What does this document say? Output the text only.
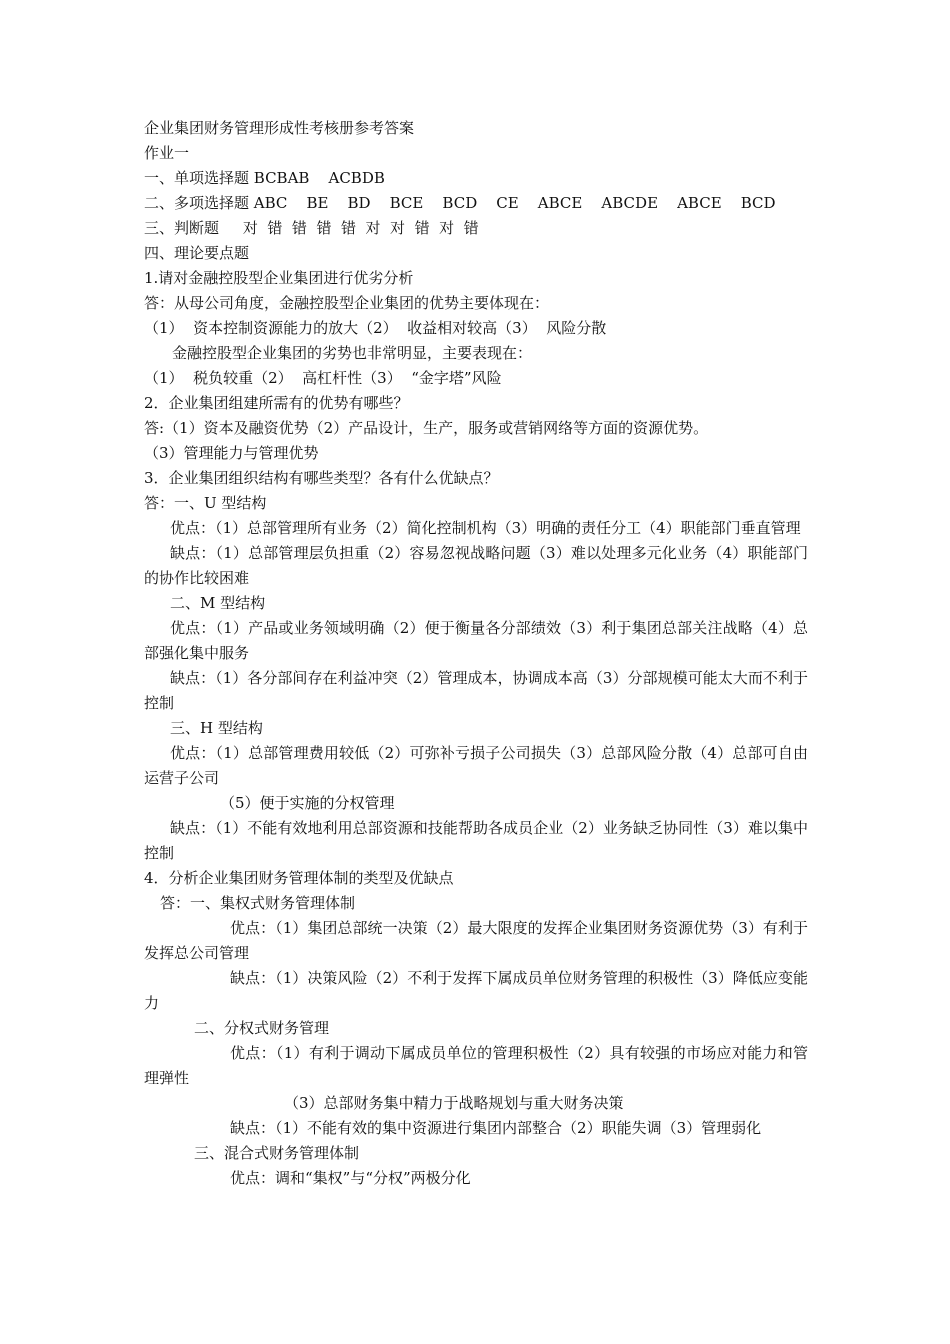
企业集团财务管理形成性考核册参考答案

作业一

一、单项选择题 BCBAB    ACBDB

二、多项选择题 ABC    BE    BD    BCE    BCD    CE    ABCE    ABCDE    ABCE    BCD

三、判断题     对  错  错  错  错  对  对  错  对  错

四、理论要点题

1.请对金融控股型企业集团进行优劣分析

答：从母公司角度，金融控股型企业集团的优势主要体现在：

（1）  资本控制资源能力的放大（2）  收益相对较高（3）  风险分散

金融控股型企业集团的劣势也非常明显，主要表现在：

（1）  税负较重（2）  高杠杆性（3）  “金字塔”风险

2．企业集团组建所需有的优势有哪些？

答:（1）资本及融资优势（2）产品设计，生产，服务或营销网络等方面的资源优势。

（3）管理能力与管理优势

3．企业集团组织结构有哪些类型？各有什么优缺点？

答：一、U 型结构

优点：（1）总部管理所有业务（2）简化控制机构（3）明确的责任分工（4）职能部门垂直管理

缺点：（1）总部管理层负担重（2）容易忽视战略问题（3）难以处理多元化业务（4）职能部门的协作比较困难

二、M 型结构

优点：（1）产品或业务领域明确（2）便于衡量各分部绩效（3）利于集团总部关注战略（4）总部强化集中服务

缺点：（1）各分部间存在利益冲突（2）管理成本，协调成本高（3）分部规模可能太大而不利于控制

三、H 型结构

优点：（1）总部管理费用较低（2）可弥补亏损子公司损失（3）总部风险分散（4）总部可自由运营子公司

（5）便于实施的分权管理

缺点：（1）不能有效地利用总部资源和技能帮助各成员企业（2）业务缺乏协同性（3）难以集中控制

4．分析企业集团财务管理体制的类型及优缺点

答：一、集权式财务管理体制

优点：（1）集团总部统一决策（2）最大限度的发挥企业集团财务资源优势（3）有利于发挥总公司管理

缺点：（1）决策风险（2）不利于发挥下属成员单位财务管理的积极性（3）降低应变能力

二、分权式财务管理

优点：（1）有利于调动下属成员单位的管理积极性（2）具有较强的市场应对能力和管理弹性

（3）总部财务集中精力于战略规划与重大财务决策

缺点：（1）不能有效的集中资源进行集团内部整合（2）职能失调（3）管理弱化

三、混合式财务管理体制

优点：调和“集权”与“分权”两极分化
